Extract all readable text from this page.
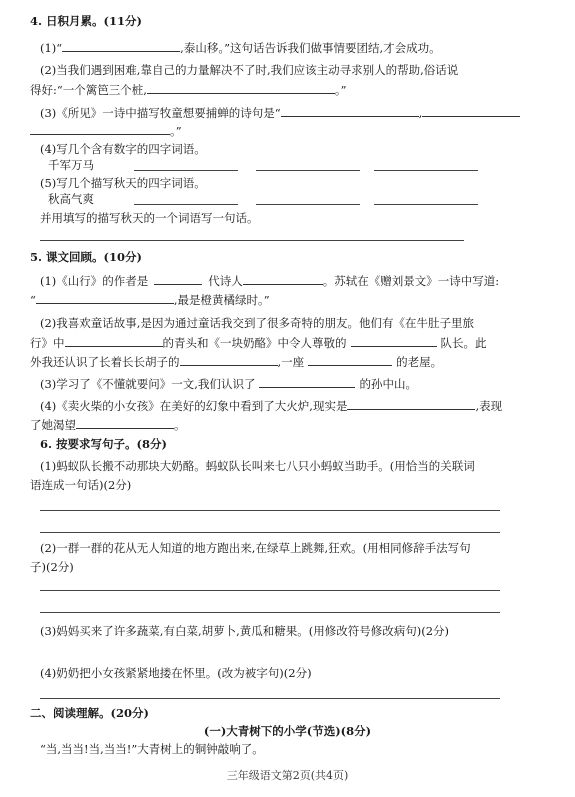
4. 日积月累。(11分)
(1)“	,泰山移。”这句话告诉我们做事情要团结,才会成功。
(2)当我们遇到困难,靠自己的力量解决不了时,我们应该主动寻求别人的帮助,俗话说
得好:“一个篱笆三个桩,	。”
(3)《所见》一诗中描写牧童想要捕蝉的诗句是“	,
。”
(4)写几个含有数字的四字词语。
千军万马
(5)写几个描写秋天的四字词语。
秋高气爽
并用填写的描写秋天的一个词语写一句话。
5. 课文回顾。(10分)
(1)《山行》的作者是	代诗人	。苏轼在《赠刘景文》一诗中写道:
“	,最是橙黄橘绿时。”
(2)我喜欢童话故事,是因为通过童话我交到了很多奇特的朋友。他们有《在牛肚子里旅
行》中	的青头和《一块奶酪》中令人尊敬的	队长。此
外我还认识了长着长长胡子的	,一座	的老屋。
(3)学习了《不懂就要问》一文,我们认识了	的孙中山。
(4)《卖火柴的小女孩》在美好的幻象中看到了大火炉,现实是	,表现
了她渴望	。
6. 按要求写句子。(8分)
(1)蚂蚁队长搬不动那块大奶酪。蚂蚁队长叫来七八只小蚂蚁当助手。(用恰当的关联词
语连成一句话)(2分)
(2)一群一群的花从无人知道的地方跑出来,在绿草上跳舞,狂欢。(用相同修辞手法写句
子)(2分)
(3)妈妈买来了许多蔬菜,有白菜,胡萝卜,黄瓜和糖果。(用修改符号修改病句)(2分)
(4)奶奶把小女孩紧紧地搂在怀里。(改为被字句)(2分)
二、阅读理解。(20分)
(一)大青树下的小学(节选)(8分)
“当,当当!当,当当!”大青树上的铜钟敲响了。
三年级语文第2页(共4页)
